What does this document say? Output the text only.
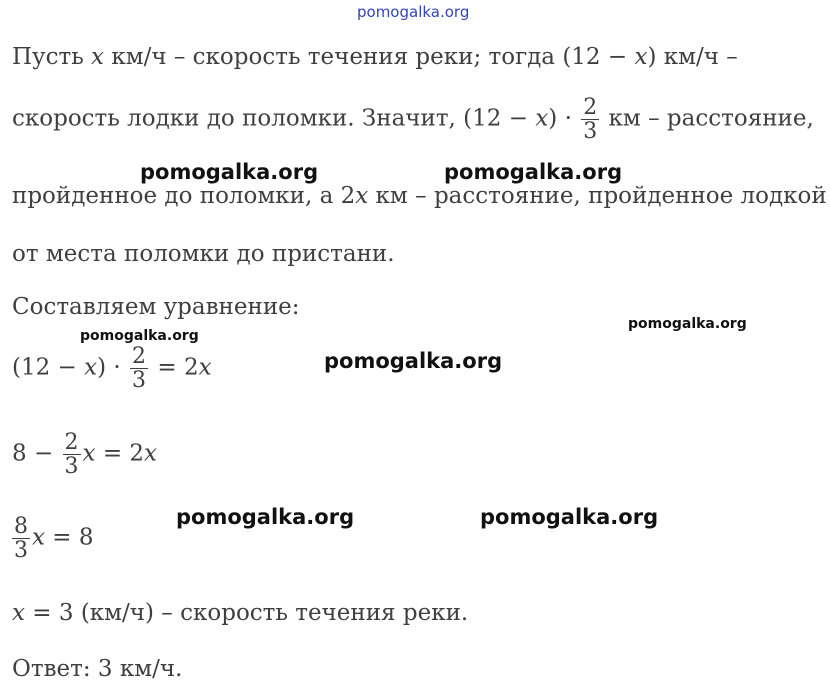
pomogalka.org
Пусть x км/ч – скорость течения реки; тогда (12 − x) км/ч –
скорость лодки до поломки. Значит, $(12 - x) \cdot \frac{2}{3}$ км – расстояние,
пройденное до поломки, а 2x км – расстояние, пройденное лодкой
от места поломки до пристани.
Составляем уравнение:
$(12 - x) \cdot \frac{2}{3} = 2x$
$8 - \frac{2}{3}$ x = 2x
$\frac{8}{3}$ x = 8
x = 3 (км/ч) – скорость течения реки.
Ответ: 3 км/ч.
pomogalka.org	pomogalka.org
pomogalka.org
pomogalka.org
pomogalka.org
pomogalka.org	pomogalka.org
